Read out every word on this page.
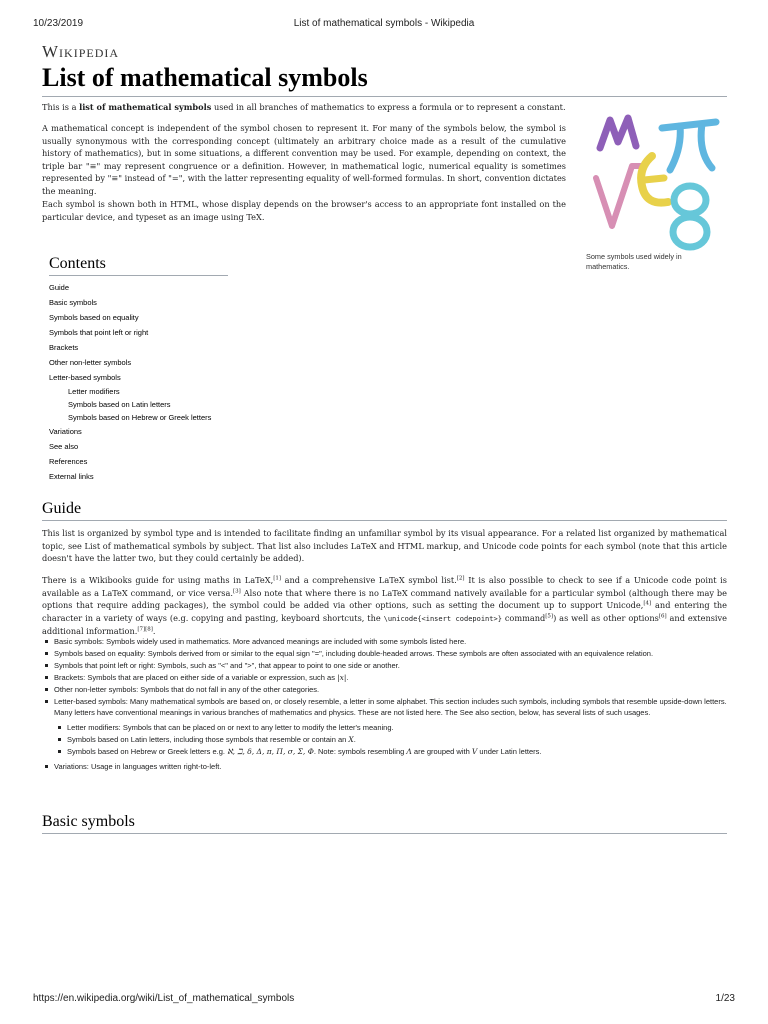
10/23/2019	List of mathematical symbols - Wikipedia
Wikipedia
List of mathematical symbols

This is a list of mathematical symbols used in all branches of mathematics to express a formula or to represent a constant.

A mathematical concept is independent of the symbol chosen to represent it. For many of the symbols below, the symbol is usually synonymous with the corresponding concept (ultimately an arbitrary choice made as a result of the cumulative history of mathematics), but in some situations, a different convention may be used. For example, depending on context, the triple bar "≡" may represent congruence or a definition. However, in mathematical logic, numerical equality is sometimes represented by "≡" instead of "=", with the latter representing equality of well-formed formulas. In short, convention dictates the meaning.

Each symbol is shown both in HTML, whose display depends on the browser's access to an appropriate font installed on the particular device, and typeset as an image using TeX.

Some symbols used widely in mathematics.
Contents
Guide
Basic symbols
Symbols based on equality
Symbols that point left or right
Brackets
Other non-letter symbols
Letter-based symbols
Letter modifiers
Symbols based on Latin letters
Symbols based on Hebrew or Greek letters
Variations
See also
References
External links
Guide

This list is organized by symbol type and is intended to facilitate finding an unfamiliar symbol by its visual appearance. For a related list organized by mathematical topic, see List of mathematical symbols by subject. That list also includes LaTeX and HTML markup, and Unicode code points for each symbol (note that this article doesn't have the latter two, but they could certainly be added).

There is a Wikibooks guide for using maths in LaTeX,[1] and a comprehensive LaTeX symbol list.[2] It is also possible to check to see if a Unicode code point is available as a LaTeX command, or vice versa.[3] Also note that where there is no LaTeX command natively available for a particular symbol (although there may be options that require adding packages), the symbol could be added via other options, such as setting the document up to support Unicode,[4] and entering the character in a variety of ways (e.g. copying and pasting, keyboard shortcuts, the \unicode{<insert codepoint>} command[5]) as well as other options[6] and extensive additional information.[7][8].

Basic symbols: Symbols widely used in mathematics. More advanced meanings are included with some symbols listed here.
Symbols based on equality: Symbols derived from or similar to the equal sign "=", including double-headed arrows. These symbols are often associated with an equivalence relation.
Symbols that point left or right: Symbols, such as "<" and ">", that appear to point to one side or another.
Brackets: Symbols that are placed on either side of a variable or expression, such as |x|.
Other non-letter symbols: Symbols that do not fall in any of the other categories.
Letter-based symbols: Many mathematical symbols are based on, or closely resemble, a letter in some alphabet. This section includes such symbols, including symbols that resemble upside-down letters. Many letters have conventional meanings in various branches of mathematics and physics. These are not listed here. The See also section, below, has several lists of such usages.
Letter modifiers: Symbols that can be placed on or next to any letter to modify the letter's meaning.
Symbols based on Latin letters, including those symbols that resemble or contain an X.
Symbols based on Hebrew or Greek letters e.g. ℵ, ℶ, δ, Δ, π, Π, σ, Σ, Φ. Note: symbols resembling Λ are grouped with V under Latin letters.
Variations: Usage in languages written right-to-left.
Basic symbols
https://en.wikipedia.org/wiki/List_of_mathematical_symbols	1/23
